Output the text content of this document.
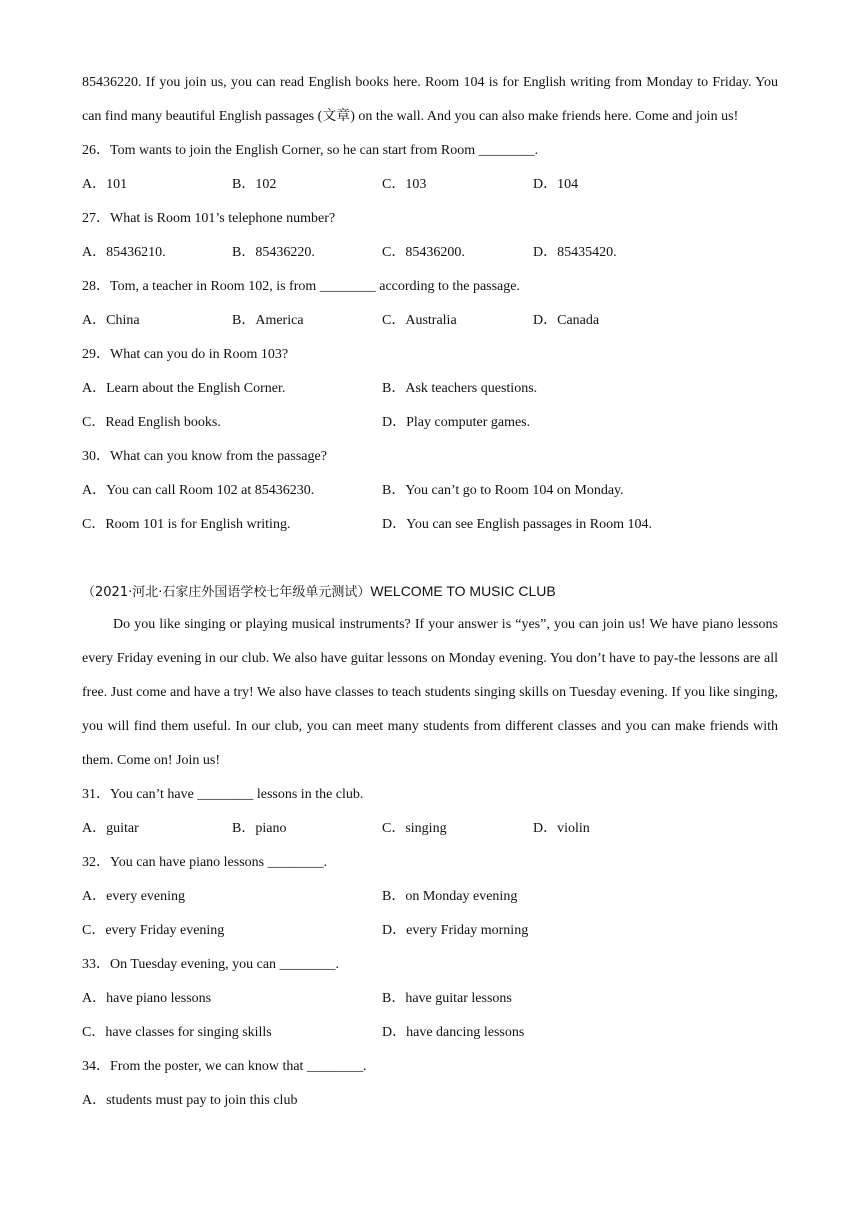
85436220. If you join us, you can read English books here. Room 104 is for English writing from Monday to Friday. You can find many beautiful English passages (文章) on the wall. And you can also make friends here. Come and join us!

26．Tom wants to join the English Corner, so he can start from Room ________.

A．101	B．102	C．103	D．104

27．What is Room 101’s telephone number?

A．85436210.	B．85436220.	C．85436200.	D．85435420.

28．Tom, a teacher in Room 102, is from ________ according to the passage.

A．China	B．America	C．Australia	D．Canada

29．What can you do in Room 103?

A．Learn about the English Corner.	B．Ask teachers questions.
C．Read English books.	D．Play computer games.

30．What can you know from the passage?

A．You can call Room 102 at 85436230.	B．You can’t go to Room 104 on Monday.
C．Room 101 is for English writing.	D．You can see English passages in Room 104.

（2021·河北·石家庄外国语学校七年级单元测试）WELCOME TO MUSIC CLUB

Do you like singing or playing musical instruments? If your answer is “yes”, you can join us! We have piano lessons every Friday evening in our club. We also have guitar lessons on Monday evening. You don’t have to pay-the lessons are all free. Just come and have a try! We also have classes to teach students singing skills on Tuesday evening. If you like singing, you will find them useful. In our club, you can meet many students from different classes and you can make friends with them. Come on! Join us!

31．You can’t have ________ lessons in the club.

A．guitar	B．piano	C．singing	D．violin

32．You can have piano lessons ________.

A．every evening	B．on Monday evening
C．every Friday evening	D．every Friday morning

33．On Tuesday evening, you can ________.

A．have piano lessons	B．have guitar lessons
C．have classes for singing skills	D．have dancing lessons

34．From the poster, we can know that ________.

A．students must pay to join this club
